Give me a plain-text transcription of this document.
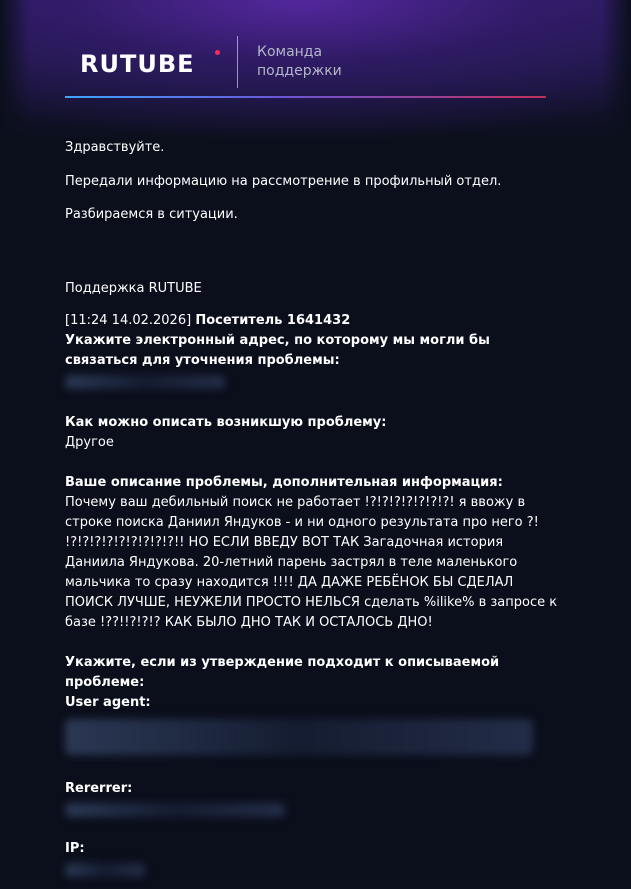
RUTUBE	Команда
поддержки

Здравствуйте.

Передали информацию на рассмотрение в профильный отдел.

Разбираемся в ситуации.

Поддержка RUTUBE

[11:24 14.02.2026] Посетитель 1641432

Укажите электронный адрес, по которому мы могли бы связаться для уточнения проблемы:

Как можно описать возникшую проблему:

Другое

Ваше описание проблемы, дополнительная информация:

Почему ваш дебильный поиск не работает !?!?!?!?!?!?!?! я ввожу в строке поиска Даниил Яндуков - и ни одного результата про него ?! !?!?!?!?!?!?!?!?!?!! НО ЕСЛИ ВВЕДУ ВОТ ТАК Загадочная история Даниила Яндукова. 20-летний парень застрял в теле маленького мальчика то сразу находится !!!! ДА ДАЖЕ РЕБЁНОК БЫ СДЕЛАЛ ПОИСК ЛУЧШЕ, НЕУЖЕЛИ ПРОСТО НЕЛЬСЯ сделать %ilike% в запросе к базе !??!!?!?!? КАК БЫЛО ДНО ТАК И ОСТАЛОСЬ ДНО!

Укажите, если из утверждение подходит к описываемой проблеме:

User agent:

Rererrer:

IP:
